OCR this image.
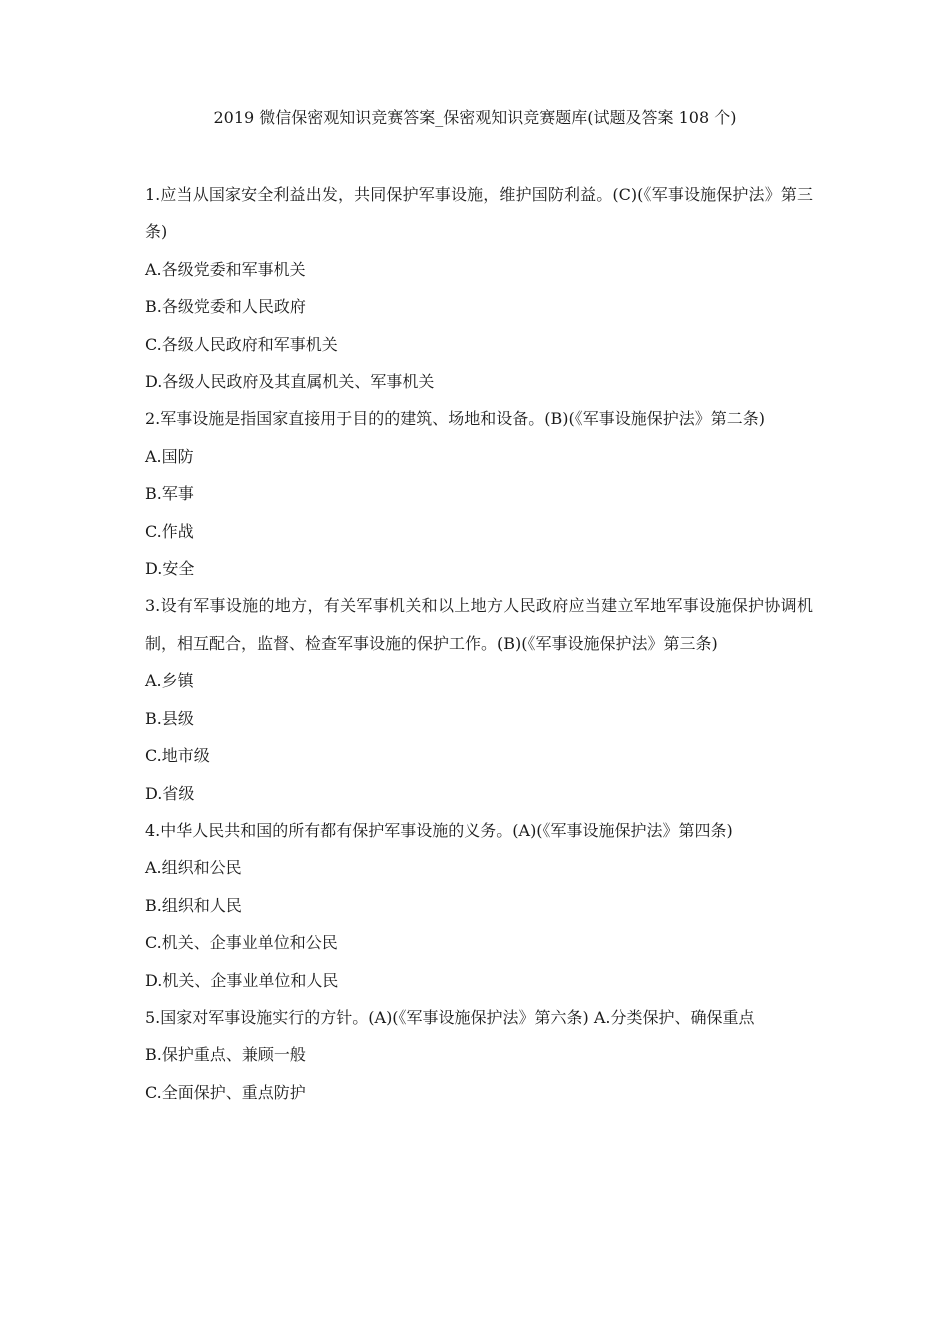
2019 微信保密观知识竞赛答案_保密观知识竞赛题库(试题及答案 108 个)

1.应当从国家安全利益出发，共同保护军事设施，维护国防利益。(C)(《军事设施保护法》第三条)

A.各级党委和军事机关

B.各级党委和人民政府

C.各级人民政府和军事机关

D.各级人民政府及其直属机关、军事机关

2.军事设施是指国家直接用于目的的建筑、场地和设备。(B)(《军事设施保护法》第二条)

A.国防

B.军事

C.作战

D.安全

3.设有军事设施的地方，有关军事机关和以上地方人民政府应当建立军地军事设施保护协调机制，相互配合，监督、检查军事设施的保护工作。(B)(《军事设施保护法》第三条)

A.乡镇

B.县级

C.地市级

D.省级

4.中华人民共和国的所有都有保护军事设施的义务。(A)(《军事设施保护法》第四条)

A.组织和公民

B.组织和人民

C.机关、企事业单位和公民

D.机关、企事业单位和人民

5.国家对军事设施实行的方针。(A)(《军事设施保护法》第六条) A.分类保护、确保重点

B.保护重点、兼顾一般

C.全面保护、重点防护
